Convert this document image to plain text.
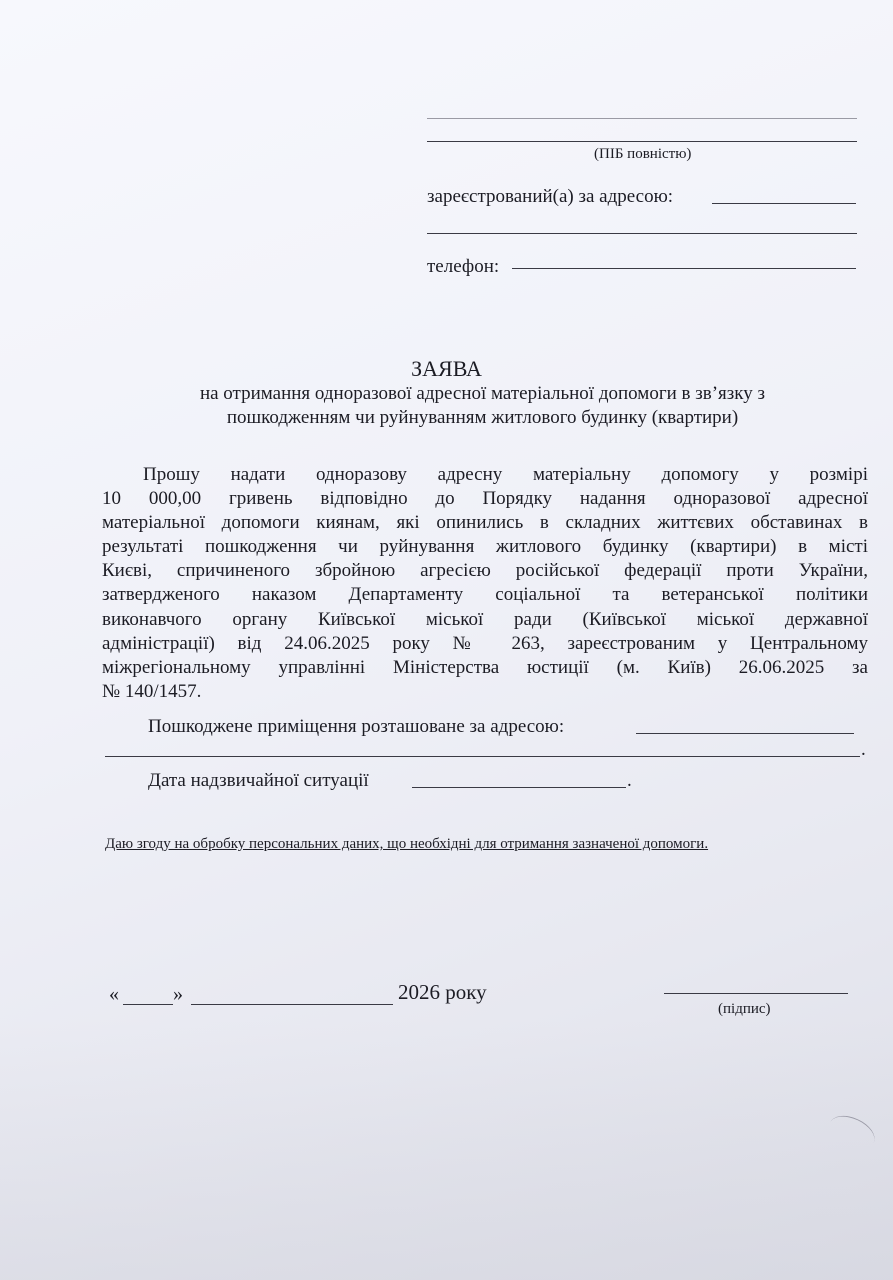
(ПІБ повністю)
зареєстрований(а) за адресою:
телефон:
ЗАЯВА
на отримання одноразової адресної матеріальної допомоги в зв’язку з
пошкодженням чи руйнуванням житлового будинку (квартири)
Прошу надати одноразову адресну матеріальну допомогу у розмірі
10 000,00 гривень відповідно до Порядку надання одноразової адресної
матеріальної допомоги киянам, які опинились в складних життєвих обставинах в
результаті пошкодження чи руйнування житлового будинку (квартири) в місті
Києві, спричиненого збройною агресією російської федерації проти України,
затвердженого наказом Департаменту соціальної та ветеранської політики
виконавчого органу Київської міської ради (Київської міської державної
адміністрації) від 24.06.2025 року № 263, зареєстрованим у Центральному
міжрегіональному управлінні Міністерства юстиції (м. Київ) 26.06.2025 за
№ 140/1457.
Пошкоджене приміщення розташоване за адресою:
.
Дата надзвичайної ситуації	.
Даю згоду на обробку персональних даних, що необхідні для отримання зазначеної допомоги.
«	»	2026 року
(підпис)
